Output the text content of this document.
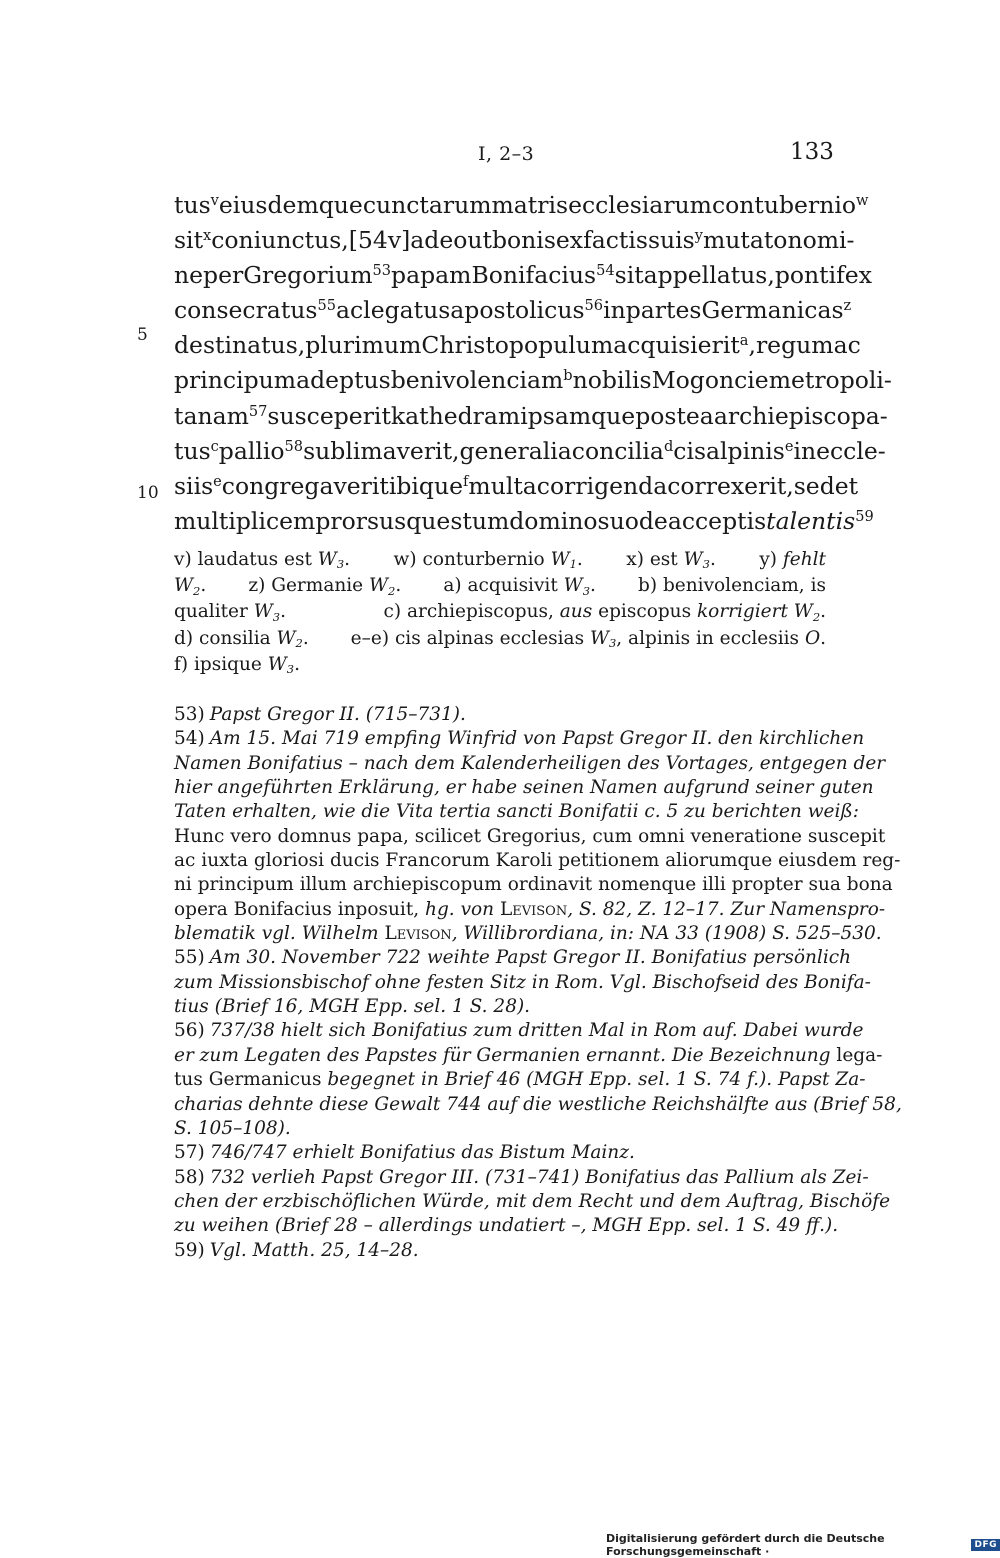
I, 2–3	133
5
10
tus$^v$ eiusdemque cunctarum matris ecclesiarum contubernio$^w$
sit$^x$ coniunctus, [54v] adeo ut bonis ex factis suis$^y$ mutato nomi-
ne per Gregorium$^{53}$ papam Bonifacius$^{54}$ sit appellatus, pontifex
consecratus$^{55}$ ac legatus apostolicus$^{56}$ in partes Germanicas$^z$
destinatus, plurimum Christo populum acquisierit$^a$, regum ac
principum adeptus benivolenciam$^b$ nobilis Mogoncie metropoli-
tanam$^{57}$ susceperit kathedram ipsamque postea archiepiscopa-
tus$^c$ pallio$^{58}$ sublimaverit, generalia concilia$^d$ cisalpinis$^e$ in eccle-
siis$^e$ congregaverit ibique$^f$ multa corrigenda correxerit, sed et
multiplicem prorsus questum domino suo de acceptis talentis$^{59}$
v) laudatus est $W_3$. w) conturbernio $W_1$. x) est $W_3$. y) fehlt
$W_2$. z) Germanie $W_2$. a) acquisivit $W_3$. b) benivolenciam, is
qualiter $W_3$.	c) archiepiscopus, aus episcopus korrigiert $W_2$.
d) consilia $W_2$. e–e) cis alpinas ecclesias $W_3$, alpinis in ecclesiis O.
f) ipsique $W_3$.
53) Papst Gregor II. (715–731).
54) Am 15. Mai 719 empfing Winfrid von Papst Gregor II. den kirchlichen
Namen Bonifatius – nach dem Kalenderheiligen des Vortages, entgegen der
hier angeführten Erklärung, er habe seinen Namen aufgrund seiner guten
Taten erhalten, wie die Vita tertia sancti Bonifatii c. 5 zu berichten weiß:
Hunc vero domnus papa, scilicet Gregorius, cum omni veneratione suscepit
ac iuxta gloriosi ducis Francorum Karoli petitionem aliorumque eiusdem reg-
ni principum illum archiepiscopum ordinavit nomenque illi propter sua bona
opera Bonifacius inposuit, hg. von Levison, S. 82, Z. 12–17. Zur Namenspro-
blematik vgl. Wilhelm Levison, Willibrordiana, in: NA 33 (1908) S. 525–530.
55) Am 30. November 722 weihte Papst Gregor II. Bonifatius persönlich
zum Missionsbischof ohne festen Sitz in Rom. Vgl. Bischofseid des Bonifa-
tius (Brief 16, MGH Epp. sel. 1 S. 28).
56) 737/38 hielt sich Bonifatius zum dritten Mal in Rom auf. Dabei wurde
er zum Legaten des Papstes für Germanien ernannt. Die Bezeichnung lega-
tus Germanicus begegnet in Brief 46 (MGH Epp. sel. 1 S. 74 f.). Papst Za-
charias dehnte diese Gewalt 744 auf die westliche Reichshälfte aus (Brief 58,
S. 105–108).
57) 746/747 erhielt Bonifatius das Bistum Mainz.
58) 732 verlieh Papst Gregor III. (731–741) Bonifatius das Pallium als Zei-
chen der erzbischöflichen Würde, mit dem Recht und dem Auftrag, Bischöfe
zu weihen (Brief 28 – allerdings undatiert –, MGH Epp. sel. 1 S. 49 ff.).
59) Vgl. Matth. 25, 14–28.
Digitalisierung gefördert durch die Deutsche Forschungsgemeinschaft ·	DFG
